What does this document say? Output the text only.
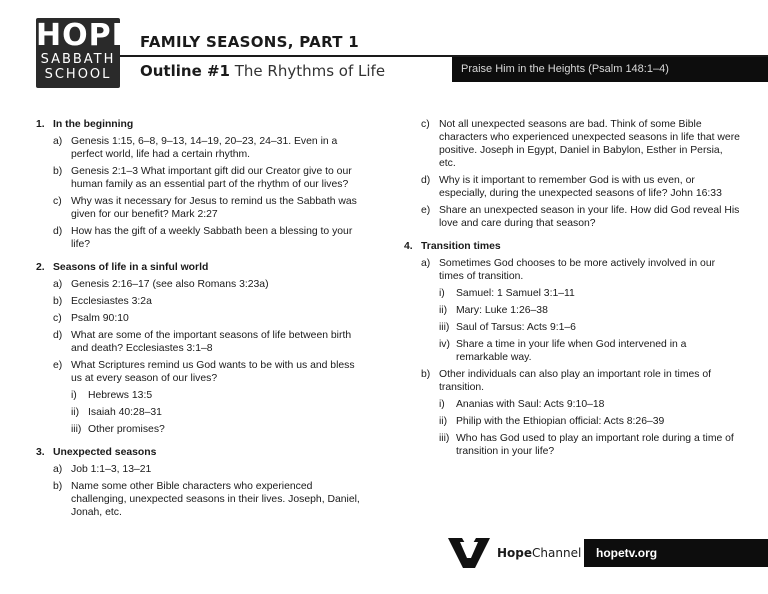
HOPE
SABBATH
SCHOOL
FAMILY SEASONS, PART 1
Outline #1 The Rhythms of Life	Praise Him in the Heights (Psalm 148:1–4)
1. In the beginning
a) Genesis 1:15, 6–8, 9–13, 14–19, 20–23, 24–31. Even in a perfect world, life had a certain rhythm.
b) Genesis 2:1–3 What important gift did our Creator give to our human family as an essential part of the rhythm of our lives?
c) Why was it necessary for Jesus to remind us the Sabbath was given for our benefit? Mark 2:27
d) How has the gift of a weekly Sabbath been a blessing to your life?
2. Seasons of life in a sinful world
a) Genesis 2:16–17 (see also Romans 3:23a)
b) Ecclesiastes 3:2a
c) Psalm 90:10
d) What are some of the important seasons of life between birth and death? Ecclesiastes 3:1–8
e) What Scriptures remind us God wants to be with us and bless us at every season of our lives?
i)	Hebrews 13:5
ii) Isaiah 40:28–31
iii) Other promises?
3. Unexpected seasons
a) Job 1:1–3, 13–21
b) Name some other Bible characters who experienced challenging, unexpected seasons in their lives. Joseph, Daniel, Jonah, etc.
c) Not all unexpected seasons are bad. Think of some Bible characters who experienced unexpected seasons in life that were positive. Joseph in Egypt, Daniel in Babylon, Esther in Persia, etc.
d) Why is it important to remember God is with us even, or especially, during the unexpected seasons of life? John 16:33
e) Share an unexpected season in your life. How did God reveal His love and care during that season?
4. Transition times
a) Sometimes God chooses to be more actively involved in our times of transition.
i)	Samuel: 1 Samuel 3:1–11
ii) Mary: Luke 1:26–38
iii) Saul of Tarsus: Acts 9:1–6
iv) Share a time in your life when God intervened in a remarkable way.
b) Other individuals can also play an important role in times of transition.
i)	Ananias with Saul: Acts 9:10–18
ii) Philip with the Ethiopian official: Acts 8:26–39
iii) Who has God used to play an important role during a time of transition in your life?
HopeChannel	hopetv.org
